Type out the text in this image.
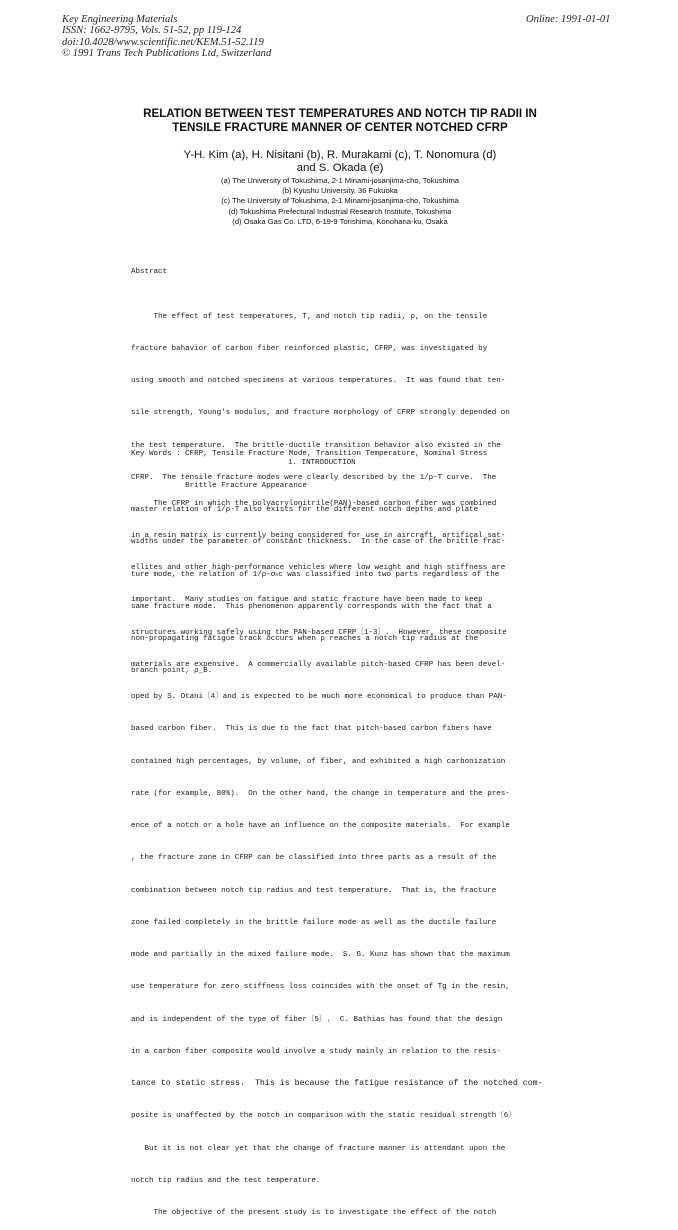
Key Engineering Materials
ISSN: 1662-9795, Vols. 51-52, pp 119-124
doi:10.4028/www.scientific.net/KEM.51-52.119
© 1991 Trans Tech Publications Ltd, Switzerland
Online: 1991-01-01
RELATION BETWEEN TEST TEMPERATURES AND NOTCH TIP RADII IN
TENSILE FRACTURE MANNER OF CENTER NOTCHED CFRP
Y-H. Kim (a), H. Nisitani (b), R. Murakami (c), T. Nonomura (d)
and S. Okada (e)
(a) The University of Tokushima, 2-1 Minami-josanjima-cho, Tokushima
(b) Kyushu University, 36 Fukuoka
(c) The University of Tokushima, 2-1 Minami-josanjima-cho, Tokushima
(d) Tokushima Prefectural Industrial Research Institute, Tokushima
(d) Osaka Gas Co. LTD, 6-19-9 Torishima, Konohana-ku, Osaka
Abstract

The effect of test temperatures, T, and notch tip radii, ρ, on the tensile

fracture bahavior of carbon fiber reinforced plastic, CFRP, was investigated by

using smooth and notched specimens at various temperatures.  It was found that ten-

sile strength, Young's modulus, and fracture morphology of CFRP strongly depended on

the test temperature.  The brittle-ductile transition behavior also existed in the

CFRP.  The tensile fracture modes were clearly described by the 1/ρ-T curve.  The

master relation of 1/ρ-T also exists for the different notch depths and plate

widths under the parameter of constant thickness.  In the case of the brittle frac-

ture mode, the relation of 1/ρ-σₙc was classified into two parts regardless of the

same fracture mode.  This phenomenon apparently corresponds with the fact that a

non-propagating fatigue crack occurs when ρ reaches a notch tip radius at the

branch point, ρ_B.

Key Words : CFRP, Tensile Fracture Mode, Transition Temperature, Nominal Stress

Brittle Fracture Appearance

1. INTRODUCTION

The CFRP in which the polyacrylonitrile(PAN)-based carbon fiber was combined

in a resin matrix is currently being considered for use in aircraft, artifical sat-

ellites and other high-performance vehicles where low weight and high stiffness are

important.  Many studies on fatigue and static fracture have been made to keep

structures working safely using the PAN-based CFRP〔1-3〕.  However, these composite

materials are expensive.  A commercially available pitch-based CFRP has been devel-

oped by S. Otani〔4〕and is expected to be much more economical to produce than PAN-

based carbon fiber.  This is due to the fact that pitch-based carbon fibers have

contained high percentages, by volume, of fiber, and exhibited a high carbonization

rate (for example, 80%).  On the other hand, the change in temperature and the pres-

ence of a notch or a hole have an influence on the composite materials.  For example

, the fracture zone in CFRP can be classified into three parts as a result of the

combination between notch tip radius and test temperature.  That is, the fracture

zone failed completely in the brittle failure mode as well as the ductile failure

mode and partially in the mixed failure mode.  S. G. Kunz has shown that the maximum

use temperature for zero stiffness loss coincides with the onset of Tg in the resin,

and is independent of the type of fiber〔5〕.  C. Bathias has found that the design

in a carbon fiber composite would involve a study mainly in relation to the resis-

tance to static stress.  This is because the fatigue resistance of the notched com-

posite is unaffected by the notch in comparison with the static residual strength〔6〕

But it is not clear yet that the change of fracture manner is attendant upon the

notch tip radius and the test temperature.

The objective of the present study is to investigate the effect of the notch
